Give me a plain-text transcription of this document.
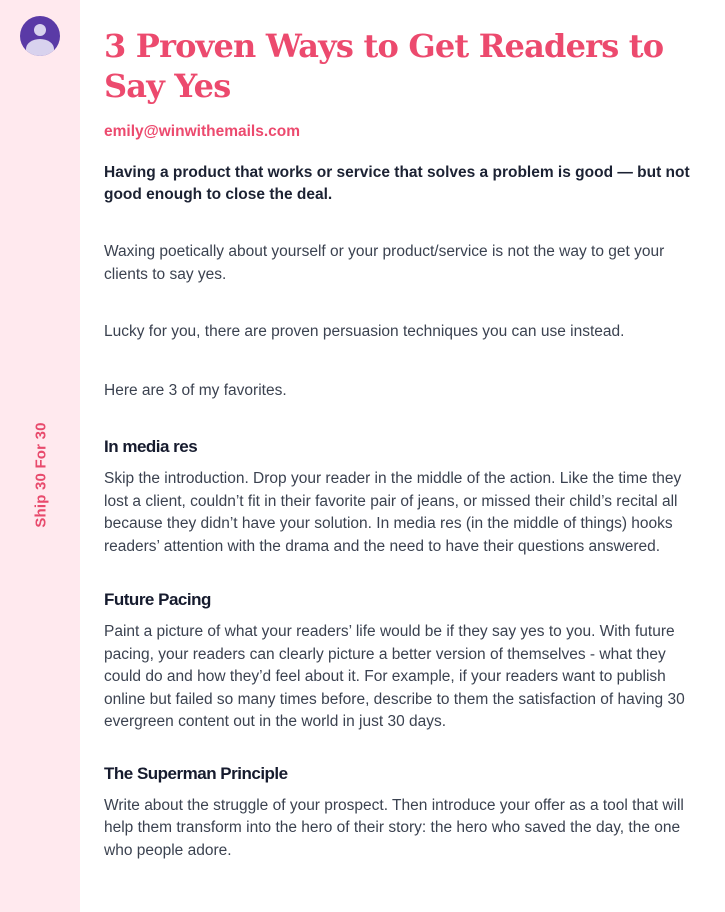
Ship 30 For 30
3 Proven Ways to Get Readers to Say Yes
emily@winwithemails.com
Having a product that works or service that solves a problem is good — but not good enough to close the deal.

Waxing poetically about yourself or your product/service is not the way to get your clients to say yes.

Lucky for you, there are proven persuasion techniques you can use instead.

Here are 3 of my favorites.

In media res

Skip the introduction. Drop your reader in the middle of the action. Like the time they lost a client, couldn’t fit in their favorite pair of jeans, or missed their child’s recital all because they didn’t have your solution. In media res (in the middle of things) hooks readers’ attention with the drama and the need to have their questions answered.

Future Pacing

Paint a picture of what your readers’ life would be if they say yes to you. With future pacing, your readers can clearly picture a better version of themselves - what they could do and how they’d feel about it. For example, if your readers want to publish online but failed so many times before, describe to them the satisfaction of having 30 evergreen content out in the world in just 30 days.

The Superman Principle

Write about the struggle of your prospect. Then introduce your offer as a tool that will help them transform into the hero of their story: the hero who saved the day, the one who people adore.
